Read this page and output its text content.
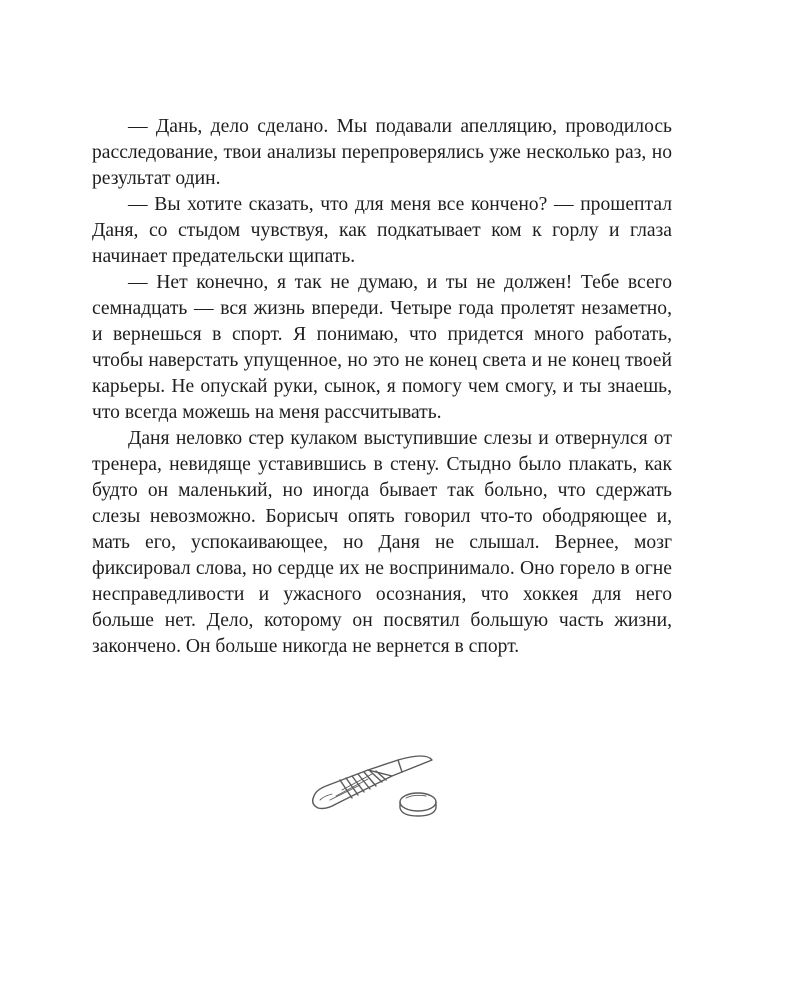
— Дань, дело сделано. Мы подавали апелляцию, проводилось расследование, твои анализы перепроверялись уже несколько раз, но результат один.

— Вы хотите сказать, что для меня все кончено? — прошептал Даня, со стыдом чувствуя, как подкатывает ком к горлу и глаза начинает предательски щипать.

— Нет конечно, я так не думаю, и ты не должен! Тебе всего семнадцать — вся жизнь впереди. Четыре года пролетят незаметно, и вернешься в спорт. Я понимаю, что придется много работать, чтобы наверстать упущенное, но это не конец света и не конец твоей карьеры. Не опускай руки, сынок, я помогу чем смогу, и ты знаешь, что всегда можешь на меня рассчитывать.

Даня неловко стер кулаком выступившие слезы и отвернулся от тренера, невидяще уставившись в стену. Стыдно было плакать, как будто он маленький, но иногда бывает так больно, что сдержать слезы невозможно. Борисыч опять говорил что-то ободряющее и, мать его, успокаивающее, но Даня не слышал. Вернее, мозг фиксировал слова, но сердце их не воспринимало. Оно горело в огне несправедливости и ужасного осознания, что хоккея для него больше нет. Дело, которому он посвятил большую часть жизни, закончено. Он больше никогда не вернется в спорт.
